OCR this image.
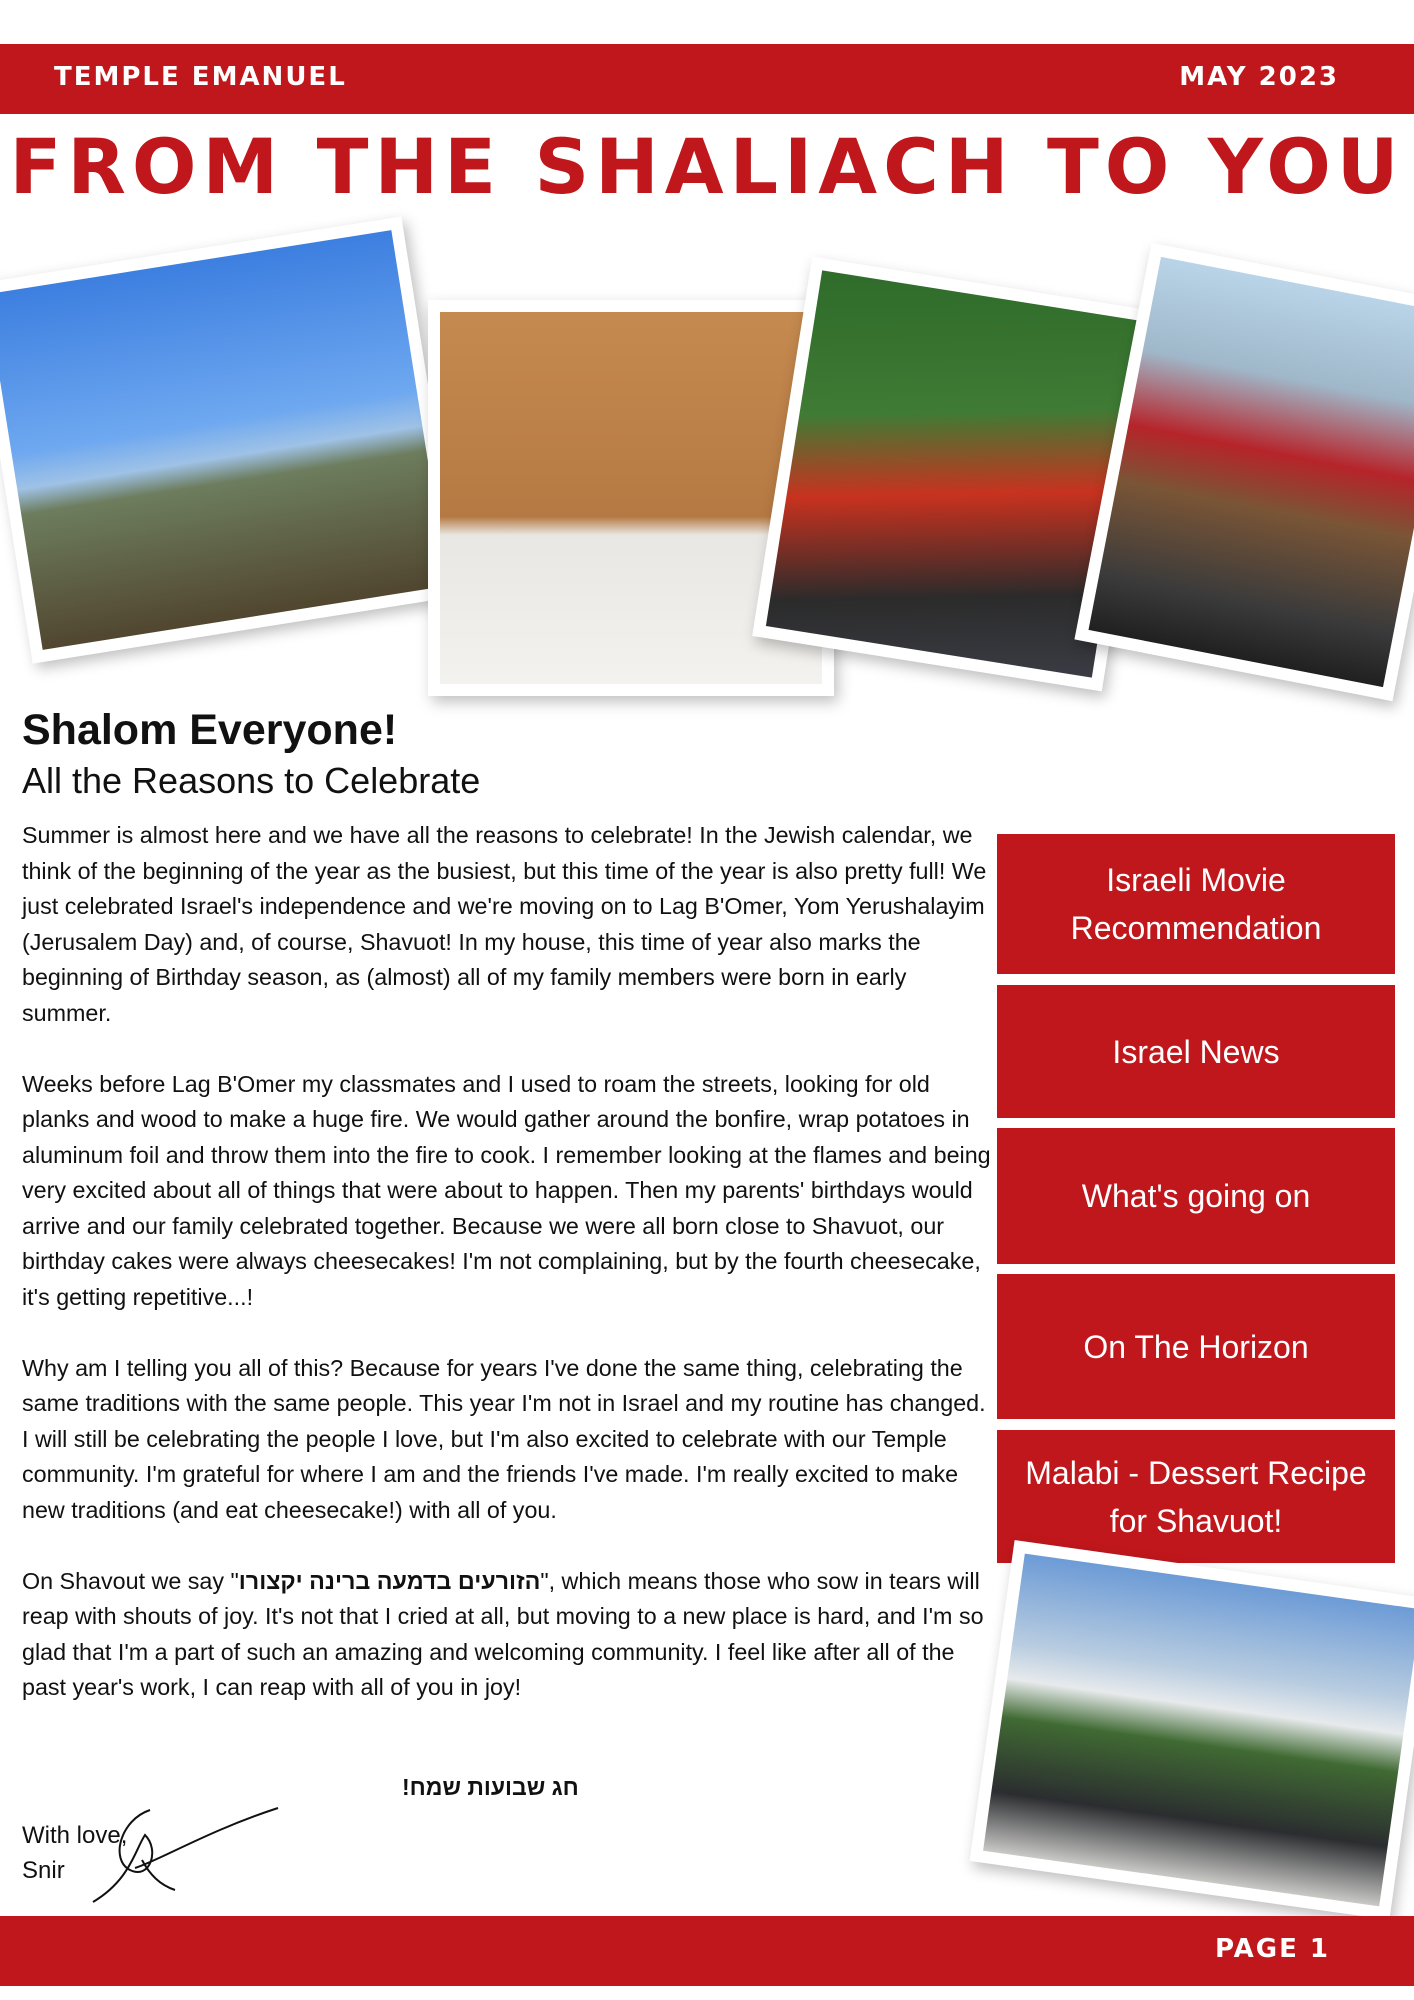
TEMPLE EMANUEL	MAY 2023
FROM THE SHALIACH TO YOU
Shalom Everyone!
All the Reasons to Celebrate

Summer is almost here and we have all the reasons to celebrate! In the Jewish calendar, we think of the beginning of the year as the busiest, but this time of the year is also pretty full! We just celebrated Israel's independence and we're moving on to Lag B'Omer, Yom Yerushalayim (Jerusalem Day) and, of course, Shavuot! In my house, this time of year also marks the beginning of Birthday season, as (almost) all of my family members were born in early summer.

Weeks before Lag B'Omer my classmates and I used to roam the streets, looking for old planks and wood to make a huge fire. We would gather around the bonfire, wrap potatoes in aluminum foil and throw them into the fire to cook. I remember looking at the flames and being very excited about all of things that were about to happen. Then my parents' birthdays would arrive and our family celebrated together. Because we were all born close to Shavuot, our birthday cakes were always cheesecakes! I'm not complaining, but by the fourth cheesecake, it's getting repetitive...!

Why am I telling you all of this? Because for years I've done the same thing, celebrating the same traditions with the same people. This year I'm not in Israel and my routine has changed. I will still be celebrating the people I love, but I'm also excited to celebrate with our Temple community. I'm grateful for where I am and the friends I've made. I'm really excited to make new traditions (and eat cheesecake!) with all of you.

On Shavout we say "הזורעים בדמעה ברינה יקצורו", which means those who sow in tears will reap with shouts of joy. It's not that I cried at all, but moving to a new place is hard, and I'm so glad that I'm a part of such an amazing and welcoming community. I feel like after all of the past year's work, I can reap with all of you in joy!

חג שבועות שמח!
With love,
Snir
Israeli Movie Recommendation
Israel News
What's going on
On The Horizon
Malabi - Dessert Recipe for Shavuot!
PAGE 1
